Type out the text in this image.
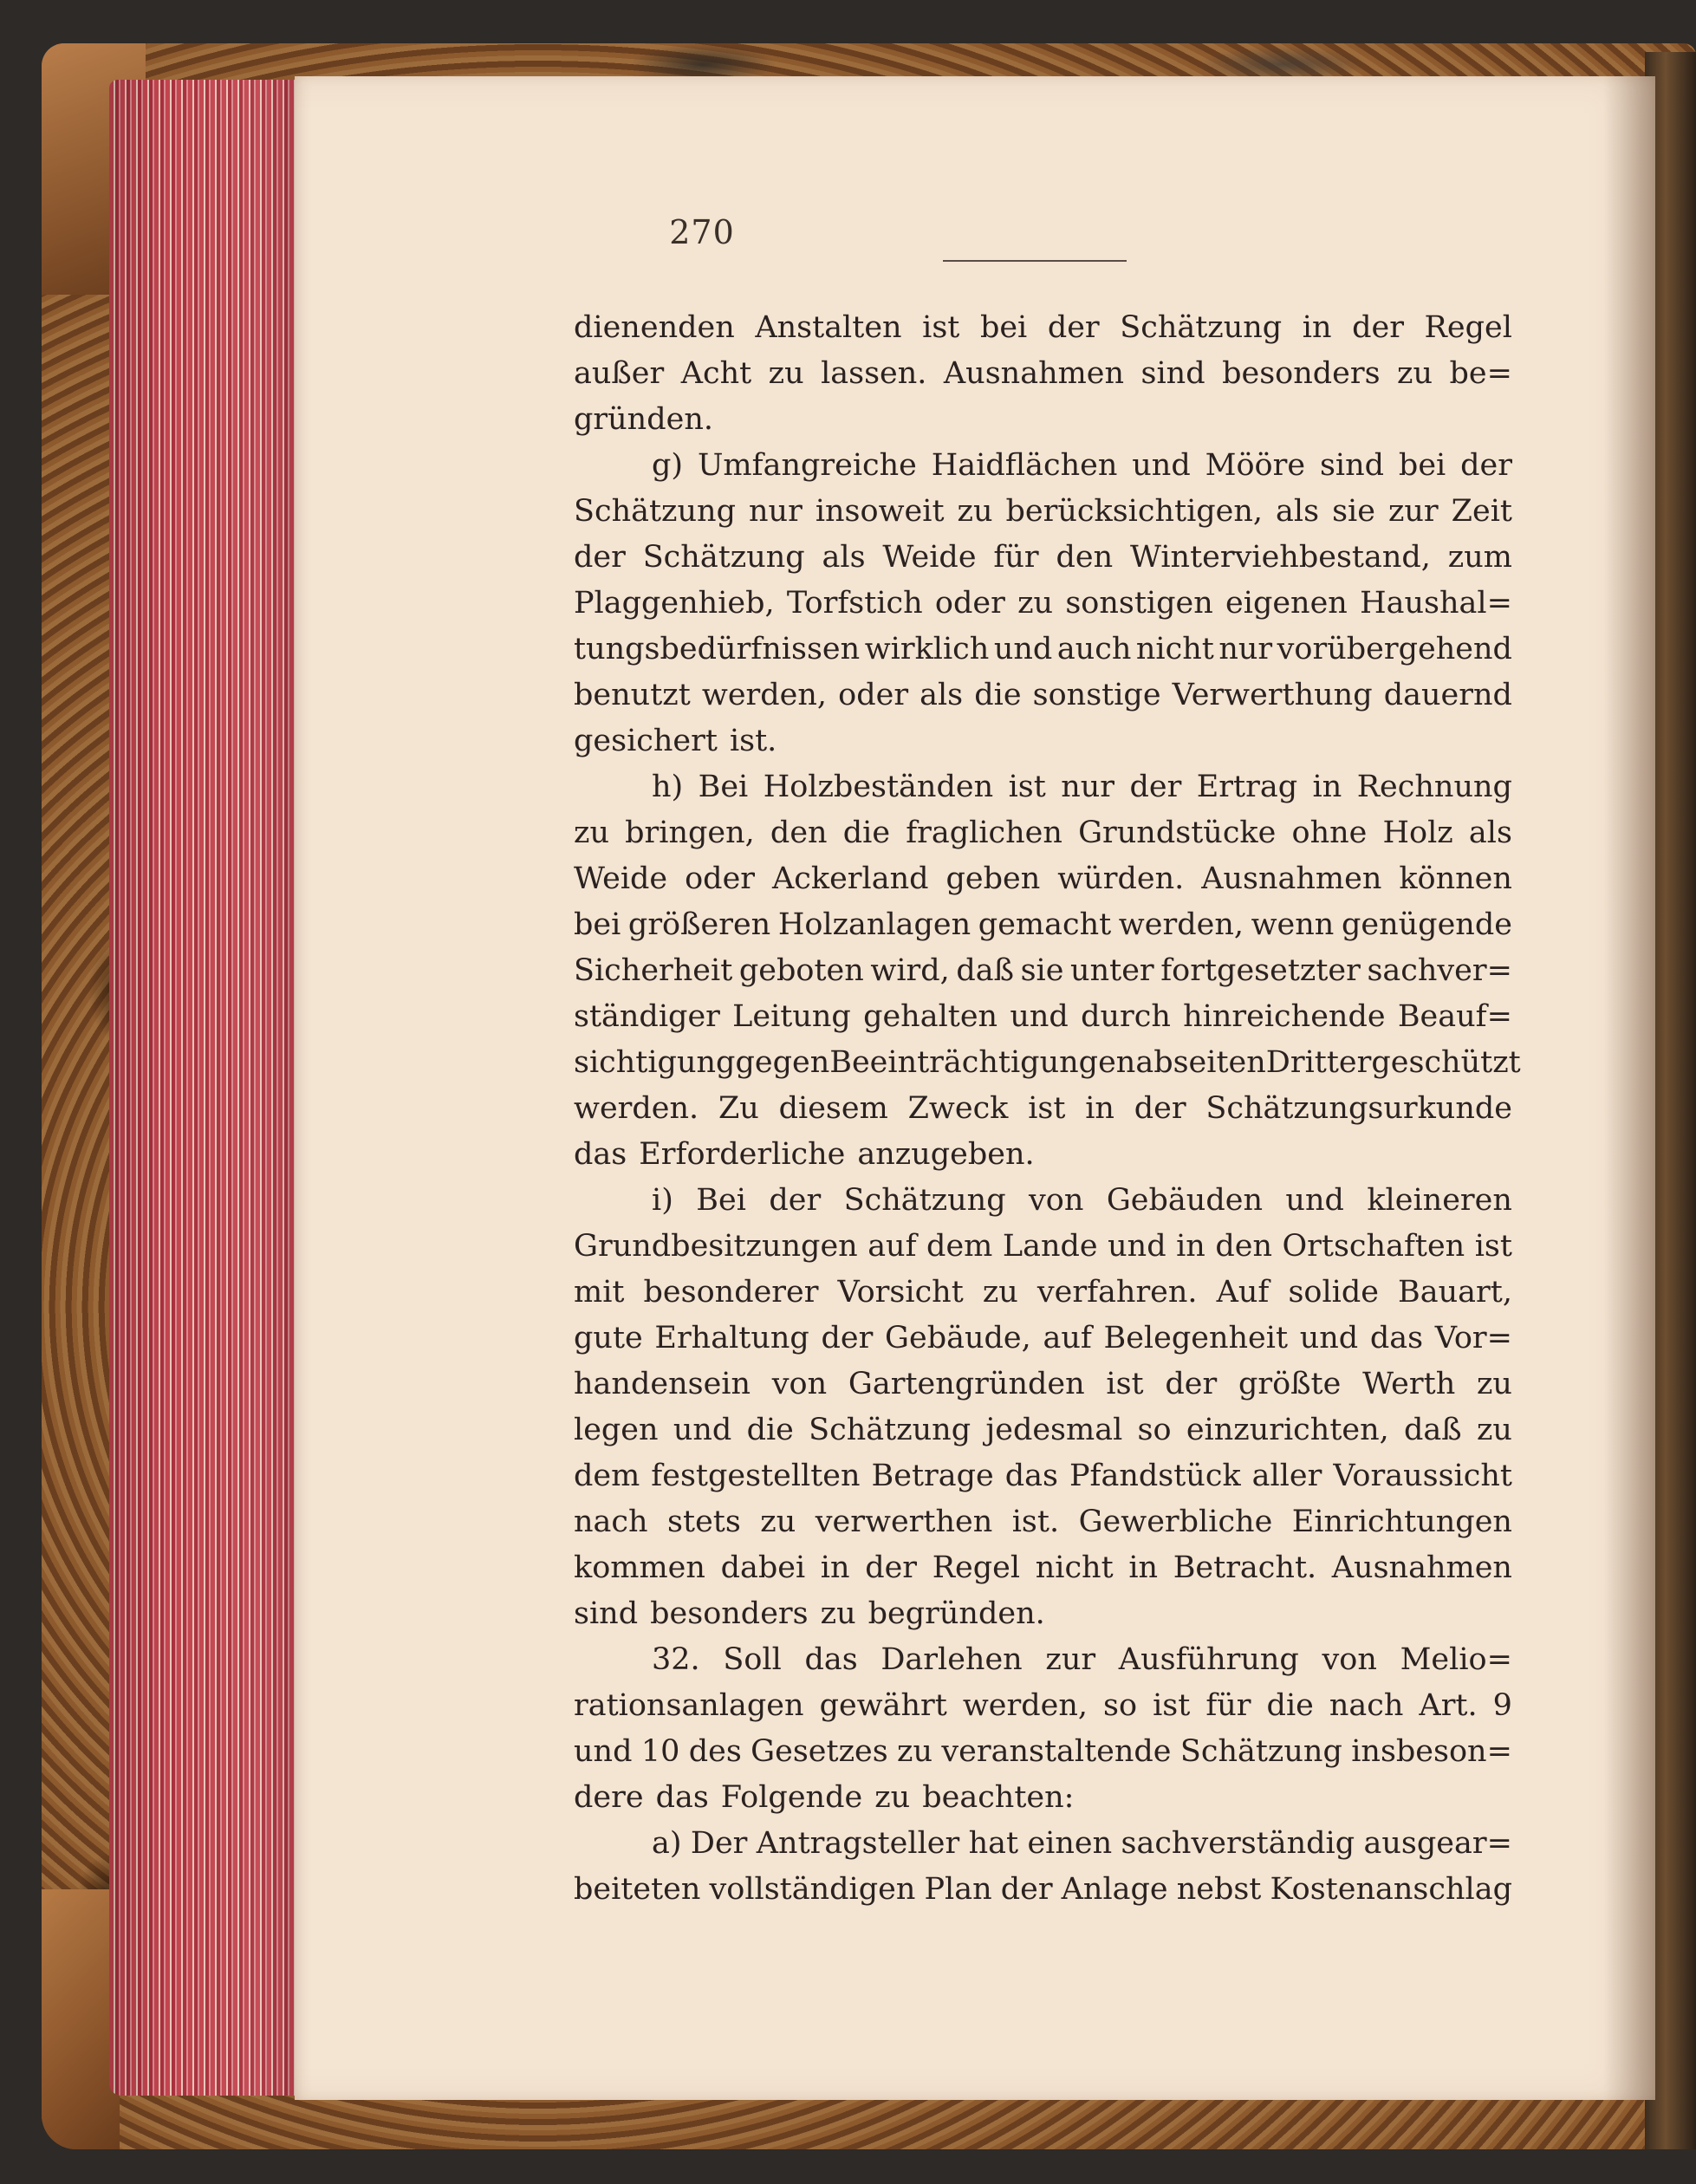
270
dienenden Anstalten ist bei der Schätzung in der Regel
außer Acht zu lassen. Ausnahmen sind besonders zu be=
gründen.
g) Umfangreiche Haidflächen und Mööre sind bei der
Schätzung nur insoweit zu berücksichtigen, als sie zur Zeit
der Schätzung als Weide für den Winterviehbestand, zum
Plaggenhieb, Torfstich oder zu sonstigen eigenen Haushal=
tungsbedürfnissen wirklich und auch nicht nur vorübergehend
benutzt werden, oder als die sonstige Verwerthung dauernd
gesichert ist.
h) Bei Holzbeständen ist nur der Ertrag in Rechnung
zu bringen, den die fraglichen Grundstücke ohne Holz als
Weide oder Ackerland geben würden. Ausnahmen können
bei größeren Holzanlagen gemacht werden, wenn genügende
Sicherheit geboten wird, daß sie unter fortgesetzter sachver=
ständiger Leitung gehalten und durch hinreichende Beauf=
sichtigung gegen Beeinträchtigungen abseiten Dritter geschützt
werden. Zu diesem Zweck ist in der Schätzungsurkunde
das Erforderliche anzugeben.
i) Bei der Schätzung von Gebäuden und kleineren
Grundbesitzungen auf dem Lande und in den Ortschaften ist
mit besonderer Vorsicht zu verfahren. Auf solide Bauart,
gute Erhaltung der Gebäude, auf Belegenheit und das Vor=
handensein von Gartengründen ist der größte Werth zu
legen und die Schätzung jedesmal so einzurichten, daß zu
dem festgestellten Betrage das Pfandstück aller Voraussicht
nach stets zu verwerthen ist. Gewerbliche Einrichtungen
kommen dabei in der Regel nicht in Betracht. Ausnahmen
sind besonders zu begründen.
32. Soll das Darlehen zur Ausführung von Melio=
rationsanlagen gewährt werden, so ist für die nach Art. 9
und 10 des Gesetzes zu veranstaltende Schätzung insbeson=
dere das Folgende zu beachten:
a) Der Antragsteller hat einen sachverständig ausgear=
beiteten vollständigen Plan der Anlage nebst Kostenanschlag
